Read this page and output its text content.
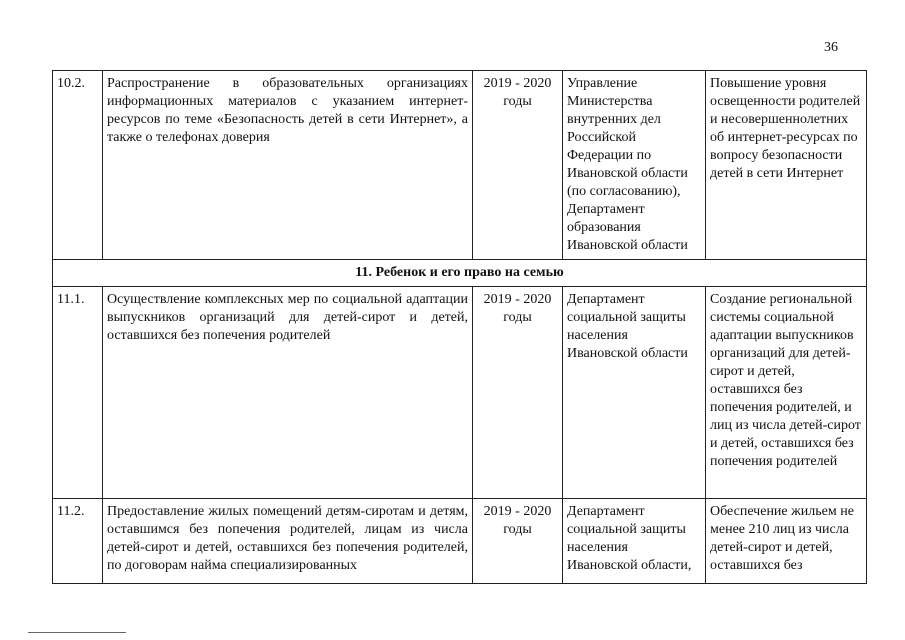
36
10.2.	Распространение в образовательных организациях информационных материалов с указанием интернет-ресурсов по теме «Безопасность детей в сети Интернет», а также о телефонах доверия	2019 - 2020 годы	Управление Министерства внутренних дел Российской Федерации по Ивановской области (по согласованию), Департамент образования Ивановской области	Повышение уровня освещенности родителей и несовершеннолетних об интернет-ресурсах по вопросу безопасности детей в сети Интернет
11. Ребенок и его право на семью				
11.1.	Осуществление комплексных мер по социальной адаптации выпускников организаций для детей-сирот и детей, оставшихся без попечения родителей	2019 - 2020 годы	Департамент социальной защиты населения Ивановской области	Создание региональной системы социальной адаптации выпускников организаций для детей-сирот и детей, оставшихся без попечения родителей, и лиц из числа детей-сирот и детей, оставшихся без попечения родителей
11.2.	Предоставление жилых помещений детям-сиротам и детям, оставшимся без попечения родителей, лицам из числа детей-сирот и детей, оставшихся без попечения родителей, по договорам найма специализированных	2019 - 2020 годы	Департамент социальной защиты населения Ивановской области,	Обеспечение жильем не менее 210 лиц из числа детей-сирот и детей, оставшихся без
